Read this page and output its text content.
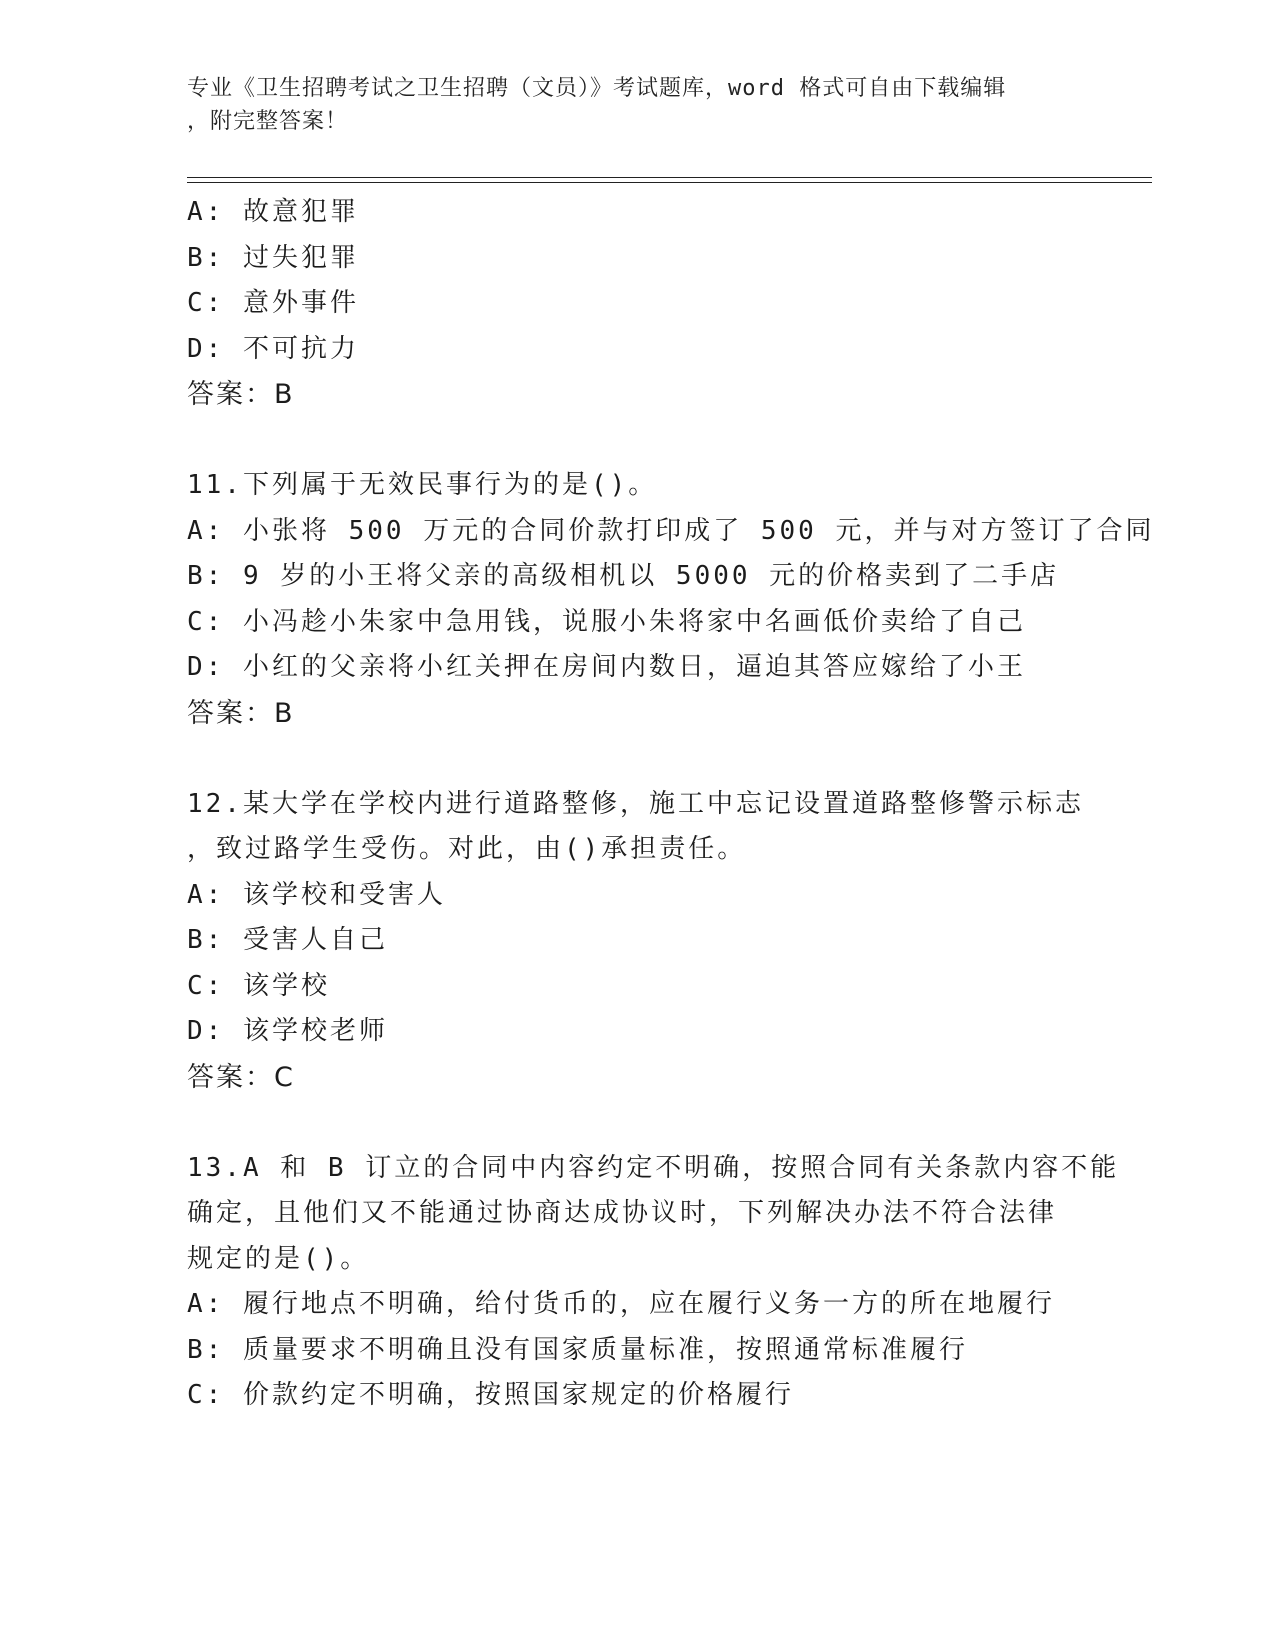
专业《卫生招聘考试之卫生招聘（文员）》考试题库，word 格式可自由下载编辑
，附完整答案！
A: 故意犯罪
B: 过失犯罪
C: 意外事件
D: 不可抗力
答案：B
11.下列属于无效民事行为的是()。
A: 小张将 500 万元的合同价款打印成了 500 元，并与对方签订了合同
B: 9 岁的小王将父亲的高级相机以 5000 元的价格卖到了二手店
C: 小冯趁小朱家中急用钱，说服小朱将家中名画低价卖给了自己
D: 小红的父亲将小红关押在房间内数日，逼迫其答应嫁给了小王
答案：B
12.某大学在学校内进行道路整修，施工中忘记设置道路整修警示标志
，致过路学生受伤。对此，由()承担责任。
A: 该学校和受害人
B: 受害人自己
C: 该学校
D: 该学校老师
答案：C
13.A 和 B 订立的合同中内容约定不明确，按照合同有关条款内容不能
确定，且他们又不能通过协商达成协议时，下列解决办法不符合法律
规定的是()。
A: 履行地点不明确，给付货币的，应在履行义务一方的所在地履行
B: 质量要求不明确且没有国家质量标准，按照通常标准履行
C: 价款约定不明确，按照国家规定的价格履行
